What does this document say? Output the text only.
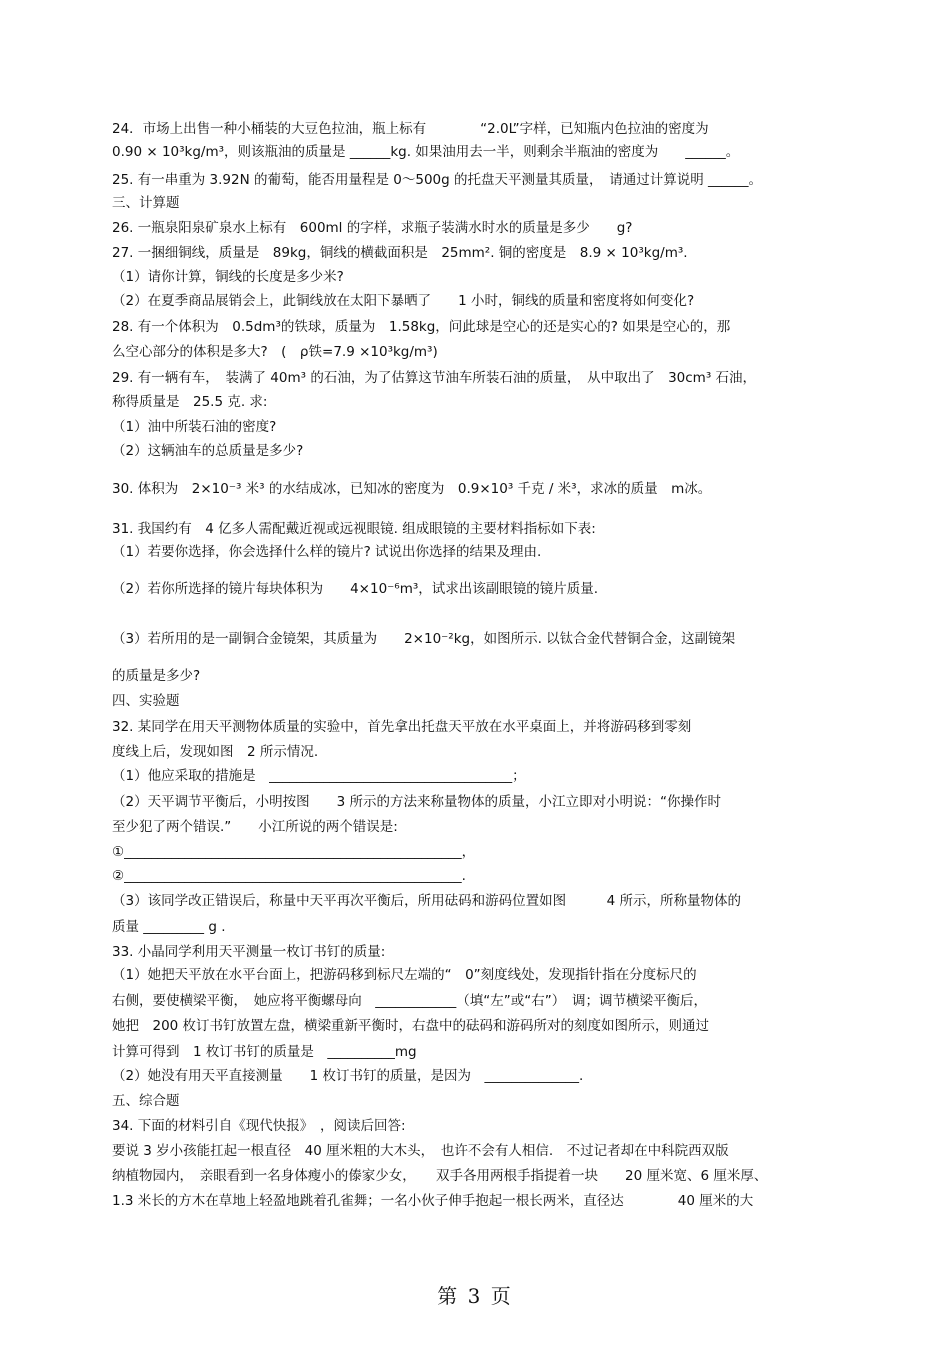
24．市场上出售一种小桶装的大豆色拉油，瓶上标有　　　　“2.0L”字样，已知瓶内色拉油的密度为
0.90 × 10³kg/m³，则该瓶油的质量是 ______kg. 如果油用去一半，则剩余半瓶油的密度为　　______。
25. 有一串重为 3.92N 的葡萄，能否用量程是 0～500g 的托盘天平测量其质量，　请通过计算说明 ______。
三、计算题
26. 一瓶泉阳泉矿泉水上标有　600ml 的字样，求瓶子装满水时水的质量是多少　　g?
27. 一捆细铜线，质量是　89kg，铜线的横截面积是　25mm². 铜的密度是　8.9 × 10³kg/m³.
（1）请你计算，铜线的长度是多少米?
（2）在夏季商品展销会上，此铜线放在太阳下暴晒了　　1 小时，铜线的质量和密度将如何变化?
28. 有一个体积为　0.5dm³的铁球，质量为　1.58kg，问此球是空心的还是实心的? 如果是空心的，那
么空心部分的体积是多大?　(　ρ铁=7.9 ×10³kg/m³)
29. 有一辆有车，　装满了 40m³ 的石油，为了估算这节油车所装石油的质量，　从中取出了　30cm³ 石油，
称得质量是　25.5 克. 求:
（1）油中所装石油的密度?
（2）这辆油车的总质量是多少?
30. 体积为　2×10⁻³ 米³ 的水结成冰，已知冰的密度为　0.9×10³ 千克 / 米³，求冰的质量　m冰。
31. 我国约有　4 亿多人需配戴近视或远视眼镜. 组成眼镜的主要材料指标如下表:
（1）若要你选择，你会选择什么样的镜片? 试说出你选择的结果及理由.
（2）若你所选择的镜片每块体积为　　4×10⁻⁶m³，试求出该副眼镜的镜片质量.
（3）若所用的是一副铜合金镜架，其质量为　　2×10⁻²kg，如图所示. 以钛合金代替铜合金，这副镜架
的质量是多少?
四、实验题
32. 某同学在用天平测物体质量的实验中，首先拿出托盘天平放在水平桌面上，并将游码移到零刻
度线上后，发现如图　2 所示情况.
（1）他应采取的措施是　____________________________________；
（2）天平调节平衡后，小明按图　　3 所示的方法来称量物体的质量，小江立即对小明说：“你操作时
至少犯了两个错误.”　　小江所说的两个错误是:
①__________________________________________________，
②__________________________________________________.
（3）该同学改正错误后，称量中天平再次平衡后，所用砝码和游码位置如图　　　4 所示，所称量物体的
质量 _________ g .
33. 小晶同学利用天平测量一枚订书钉的质量:
（1）她把天平放在水平台面上，把游码移到标尺左端的“　0”刻度线处，发现指针指在分度标尺的
右侧，要使横梁平衡，　她应将平衡螺母向　____________（填“左”或“右”）　调；调节横梁平衡后，
她把　200 枚订书钉放置左盘，横梁重新平衡时，右盘中的砝码和游码所对的刻度如图所示，则通过
计算可得到　1 枚订书钉的质量是　__________mg
（2）她没有用天平直接测量　　1 枚订书钉的质量，是因为　______________.
五、综合题
34. 下面的材料引自《现代快报》　，阅读后回答:
要说 3 岁小孩能扛起一根直径　40 厘米粗的大木头，　也许不会有人相信.　不过记者却在中科院西双版
纳植物园内，　亲眼看到一名身体瘦小的傣家少女，　　双手各用两根手指提着一块　　20 厘米宽、6 厘米厚、
1.3 米长的方木在草地上轻盈地跳着孔雀舞；一名小伙子伸手抱起一根长两米，直径达　　　　40 厘米的大
第 3 页
